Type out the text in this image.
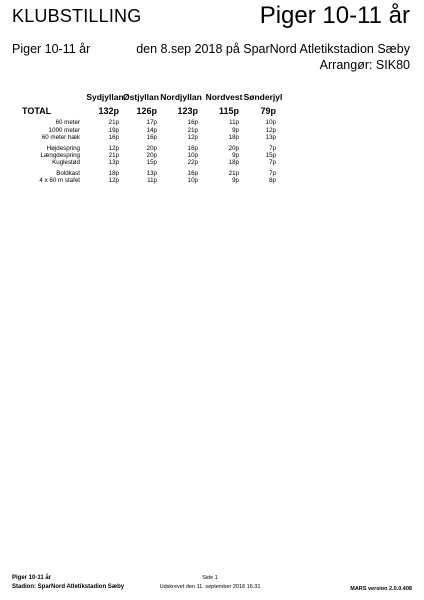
KLUBSTILLING	Piger 10-11 år
Piger 10-11 år	den 8.sep 2018 på SparNord Atletikstadion Sæby
Arrangør: SIK80
Sydjyllan Østjyllan Nordjyllan Nordvest Sønderjyl
TOTAL	132p	126p	123p	115p	79p
60 meter	21p	17p	16p	11p	10p
1000 meter	19p	14p	21p	9p	12p
60 meter hæk	16p	16p	12p	18p	13p
Højdespring	12p	20p	16p	20p	7p
Længdespring	21p	20p	10p	9p	15p
Kuglestød	13p	15p	22p	18p	7p
Boldkast	18p	13p	16p	21p	7p
4 x 60 m stafet	12p	11p	10p	9p	8p
Piger 10-11 år
Stadion: SparNord Atletikstadion Sæby
Side 1
Udskrevet den 11. september 2018 16:31	MARS version 2.0.0.408
